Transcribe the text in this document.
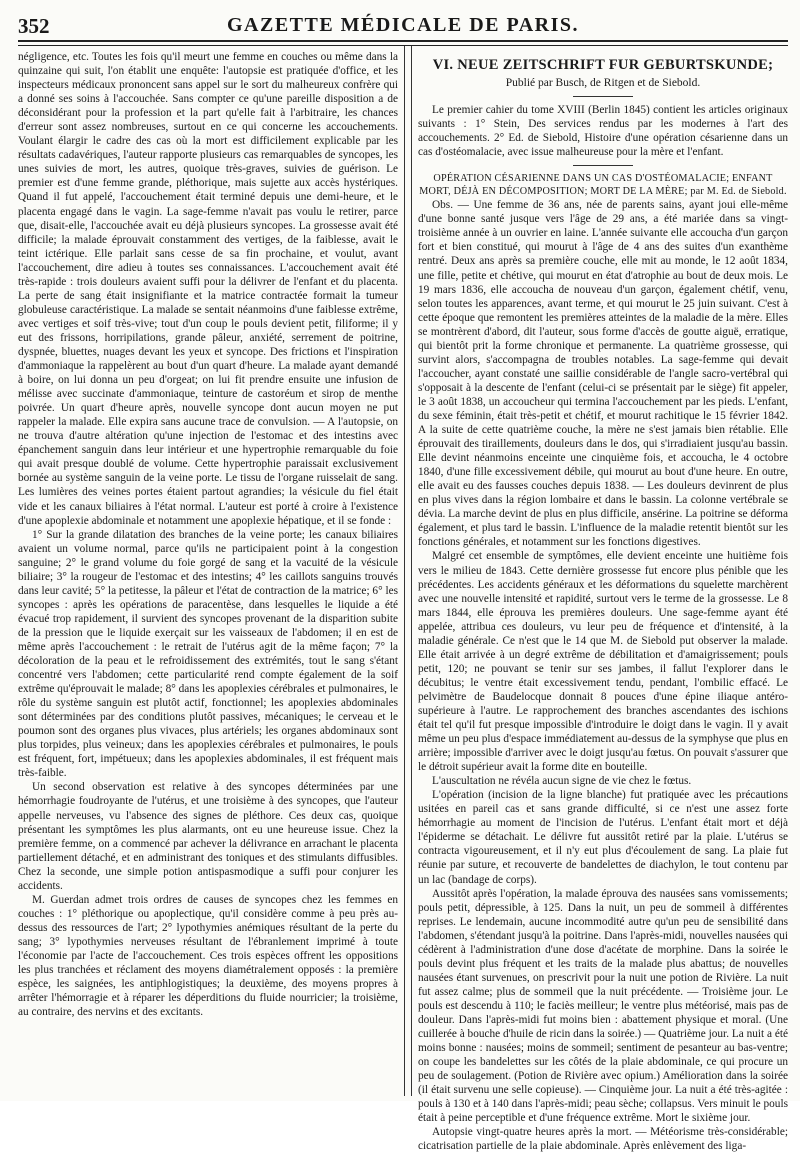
GAZETTE MÉDICALE DE PARIS.
352

négligence, etc. Toutes les fois qu'il meurt une femme en couches ou même dans la quinzaine qui suit, l'on établit une enquête: l'autopsie est pratiquée d'office, et les inspecteurs médicaux prononcent sans appel sur le sort du malheureux confrère qui a donné ses soins à l'accouchée. Sans compter ce qu'une pareille disposition a de déconsidérant pour la profession et la part qu'elle fait à l'arbitraire, les chances d'erreur sont assez nombreuses, surtout en ce qui concerne les accouchements. Voulant élargir le cadre des cas où la mort est difficilement explicable par les résultats cadavériques, l'auteur rapporte plusieurs cas remarquables de syncopes, les unes suivies de mort, les autres, quoique très-graves, suivies de guérison. Le premier est d'une femme grande, pléthorique, mais sujette aux accès hystériques. Quand il fut appelé, l'accouchement était terminé depuis une demi-heure, et le placenta engagé dans le vagin. La sage-femme n'avait pas voulu le retirer, parce que, disait-elle, l'accouchée avait eu déjà plusieurs syncopes. La grossesse avait été difficile; la malade éprouvait constamment des vertiges, de la faiblesse, avait le teint ictérique. Elle parlait sans cesse de sa fin prochaine, et voulut, avant l'accouchement, dire adieu à toutes ses connaissances. L'accouchement avait été très-rapide : trois douleurs avaient suffi pour la délivrer de l'enfant et du placenta. La perte de sang était insignifiante et la matrice contractée formait la tumeur globuleuse caractéristique. La malade se sentait néanmoins d'une faiblesse extrême, avec vertiges et soif très-vive; tout d'un coup le pouls devient petit, filiforme; il y eut des frissons, horripilations, grande pâleur, anxiété, serrement de poitrine, dyspnée, bluettes, nuages devant les yeux et syncope. Des frictions et l'inspiration d'ammoniaque la rappelèrent au bout d'un quart d'heure. La malade ayant demandé à boire, on lui donna un peu d'orgeat; on lui fit prendre ensuite une infusion de mélisse avec succinate d'ammoniaque, teinture de castoréum et sirop de menthe poivrée. Un quart d'heure après, nouvelle syncope dont aucun moyen ne put rappeler la malade. Elle expira sans aucune trace de convulsion. — A l'autopsie, on ne trouva d'autre altération qu'une injection de l'estomac et des intestins avec épanchement sanguin dans leur intérieur et une hypertrophie remarquable du foie qui avait presque doublé de volume. Cette hypertrophie paraissait exclusivement bornée au système sanguin de la veine porte. Le tissu de l'organe ruisselait de sang. Les lumières des veines portes étaient partout agrandies; la vésicule du fiel était vide et les canaux biliaires à l'état normal. L'auteur est porté à croire à l'existence d'une apoplexie abdominale et notamment une apoplexie hépatique, et il se fonde :

1° Sur la grande dilatation des branches de la veine porte; les canaux biliaires avaient un volume normal, parce qu'ils ne participaient point à la congestion sanguine; 2° le grand volume du foie gorgé de sang et la vacuité de la vésicule biliaire; 3° la rougeur de l'estomac et des intestins; 4° les caillots sanguins trouvés dans leur cavité; 5° la petitesse, la pâleur et l'état de contraction de la matrice; 6° les syncopes : après les opérations de paracentèse, dans lesquelles le liquide a été évacué trop rapidement, il survient des syncopes provenant de la disparition subite de la pression que le liquide exerçait sur les vaisseaux de l'abdomen; il en est de même après l'accouchement : le retrait de l'utérus agit de la même façon; 7° la décoloration de la peau et le refroidissement des extrémités, tout le sang s'étant concentré vers l'abdomen; cette particularité rend compte également de la soif extrême qu'éprouvait le malade; 8° dans les apoplexies cérébrales et pulmonaires, le rôle du système sanguin est plutôt actif, fonctionnel; les apoplexies abdominales sont déterminées par des conditions plutôt passives, mécaniques; le cerveau et le poumon sont des organes plus vivaces, plus artériels; les organes abdominaux sont plus torpides, plus veineux; dans les apoplexies cérébrales et pulmonaires, le pouls est fréquent, fort, impétueux; dans les apoplexies abdominales, il est fréquent mais très-faible.

Un second observation est relative à des syncopes déterminées par une hémorrhagie foudroyante de l'utérus, et une troisième à des syncopes, que l'auteur appelle nerveuses, vu l'absence des signes de pléthore. Ces deux cas, quoique présentant les symptômes les plus alarmants, ont eu une heureuse issue. Chez la première femme, on a commencé par achever la délivrance en arrachant le placenta partiellement détaché, et en administrant des toniques et des stimulants diffusibles. Chez la seconde, une simple potion antispasmodique a suffi pour conjurer les accidents.

M. Guerdan admet trois ordres de causes de syncopes chez les femmes en couches : 1° pléthorique ou apoplectique, qu'il considère comme à peu près au-dessus des ressources de l'art; 2° lypothymies anémiques résultant de la perte du sang; 3° lypothymies nerveuses résultant de l'ébranlement imprimé à toute l'économie par l'acte de l'accouchement. Ces trois espèces offrent les oppositions les plus tranchées et réclament des moyens diamétralement opposés : la première espèce, les saignées, les antiphlogistiques; la deuxième, des moyens propres à arrêter l'hémorragie et à réparer les déperditions du fluide nourricier; la troisième, au contraire, des nervins et des excitants.

VI. NEUE ZEITSCHRIFT FUR GEBURTSKUNDE;
Publié par Busch, de Ritgen et de Siebold.

Le premier cahier du tome XVIII (Berlin 1845) contient les articles originaux suivants : 1° Stein, Des services rendus par les modernes à l'art des accouchements. 2° Ed. de Siebold, Histoire d'une opération césarienne dans un cas d'ostéomalacie, avec issue malheureuse pour la mère et l'enfant.

OPÉRATION CÉSARIENNE DANS UN CAS D'OSTÉOMALACIE; ENFANT MORT, DÉJÀ EN DÉCOMPOSITION; MORT DE LA MÈRE; par M. Ed. de Siebold.

Obs. — Une femme de 36 ans, née de parents sains, ayant joui elle-même d'une bonne santé jusque vers l'âge de 29 ans, a été mariée dans sa vingt-troisième année à un ouvrier en laine. L'année suivante elle accoucha d'un garçon fort et bien constitué, qui mourut à l'âge de 4 ans des suites d'un exanthème rentré. Deux ans après sa première couche, elle mit au monde, le 12 août 1834, une fille, petite et chétive, qui mourut en état d'atrophie au bout de deux mois. Le 19 mars 1836, elle accoucha de nouveau d'un garçon, également chétif, venu, selon toutes les apparences, avant terme, et qui mourut le 25 juin suivant. C'est à cette époque que remontent les premières atteintes de la maladie de la mère. Elles se montrèrent d'abord, dit l'auteur, sous forme d'accès de goutte aiguë, erratique, qui bientôt prit la forme chronique et permanente. La quatrième grossesse, qui survint alors, s'accompagna de troubles notables. La sage-femme qui devait l'accoucher, ayant constaté une saillie considérable de l'angle sacro-vertébral qui s'opposait à la descente de l'enfant (celui-ci se présentait par le siège) fit appeler, le 3 août 1838, un accoucheur qui termina l'accouchement par les pieds. L'enfant, du sexe féminin, était très-petit et chétif, et mourut rachitique le 15 février 1842. A la suite de cette quatrième couche, la mère ne s'est jamais bien rétablie. Elle éprouvait des tiraillements, douleurs dans le dos, qui s'irradiaient jusqu'au bassin. Elle devint néanmoins enceinte une cinquième fois, et accoucha, le 4 octobre 1840, d'une fille excessivement débile, qui mourut au bout d'une heure. En outre, elle avait eu des fausses couches depuis 1838. — Les douleurs devinrent de plus en plus vives dans la région lombaire et dans le bassin. La colonne vertébrale se dévia. La marche devint de plus en plus difficile, ansérine. La poitrine se déforma également, et plus tard le bassin. L'influence de la maladie retentit bientôt sur les fonctions générales, et notamment sur les fonctions digestives.

Malgré cet ensemble de symptômes, elle devient enceinte une huitième fois vers le milieu de 1843. Cette dernière grossesse fut encore plus pénible que les précédentes. Les accidents généraux et les déformations du squelette marchèrent avec une nouvelle intensité et rapidité, surtout vers le terme de la grossesse. Le 8 mars 1844, elle éprouva les premières douleurs. Une sage-femme ayant été appelée, attribua ces douleurs, vu leur peu de fréquence et d'intensité, à la maladie générale. Ce n'est que le 14 que M. de Siebold put observer la malade. Elle était arrivée à un degré extrême de débilitation et d'amaigrissement; pouls petit, 120; ne pouvant se tenir sur ses jambes, il fallut l'explorer dans le décubitus; le ventre était excessivement tendu, pendant, l'ombilic effacé. Le pelvimètre de Baudelocque donnait 8 pouces d'une épine iliaque antéro-supérieure à l'autre. Le rapprochement des branches ascendantes des ischions était tel qu'il fut presque impossible d'introduire le doigt dans le vagin. Il y avait même un peu plus d'espace immédiatement au-dessus de la symphyse que plus en arrière; impossible d'arriver avec le doigt jusqu'au fœtus. On pouvait s'assurer que le détroit supérieur avait la forme dite en bouteille.

L'auscultation ne révéla aucun signe de vie chez le fœtus.

L'opération (incision de la ligne blanche) fut pratiquée avec les précautions usitées en pareil cas et sans grande difficulté, si ce n'est une assez forte hémorrhagie au moment de l'incision de l'utérus. L'enfant était mort et déjà l'épiderme se détachait. Le délivre fut aussitôt retiré par la plaie. L'utérus se contracta vigoureusement, et il n'y eut plus d'écoulement de sang. La plaie fut réunie par suture, et recouverte de bandelettes de diachylon, le tout contenu par un lac (bandage de corps).

Aussitôt après l'opération, la malade éprouva des nausées sans vomissements; pouls petit, dépressible, à 125. Dans la nuit, un peu de sommeil à différentes reprises. Le lendemain, aucune incommodité autre qu'un peu de sensibilité dans l'abdomen, s'étendant jusqu'à la poitrine. Dans l'après-midi, nouvelles nausées qui cédèrent à l'administration d'une dose d'acétate de morphine. Dans la soirée le pouls devint plus fréquent et les traits de la malade plus abattus; de nouvelles nausées étant survenues, on prescrivit pour la nuit une potion de Rivière. La nuit fut assez calme; plus de sommeil que la nuit précédente. — Troisième jour. Le pouls est descendu à 110; le faciès meilleur; le ventre plus météorisé, mais pas de douleur. Dans l'après-midi fut moins bien : abattement physique et moral. (Une cuillerée à bouche d'huile de ricin dans la soirée.) — Quatrième jour. La nuit a été moins bonne : nausées; moins de sommeil; sentiment de pesanteur au bas-ventre; on coupe les bandelettes sur les côtés de la plaie abdominale, ce qui procure un peu de soulagement. (Potion de Rivière avec opium.) Amélioration dans la soirée (il était survenu une selle copieuse). — Cinquième jour. La nuit a été très-agitée : pouls à 130 et à 140 dans l'après-midi; peau sèche; collapsus. Vers minuit le pouls était à peine perceptible et d'une fréquence extrême. Mort le sixième jour.

Autopsie vingt-quatre heures après la mort. — Météorisme très-considérable; cicatrisation partielle de la plaie abdominale. Après enlèvement des liga-
